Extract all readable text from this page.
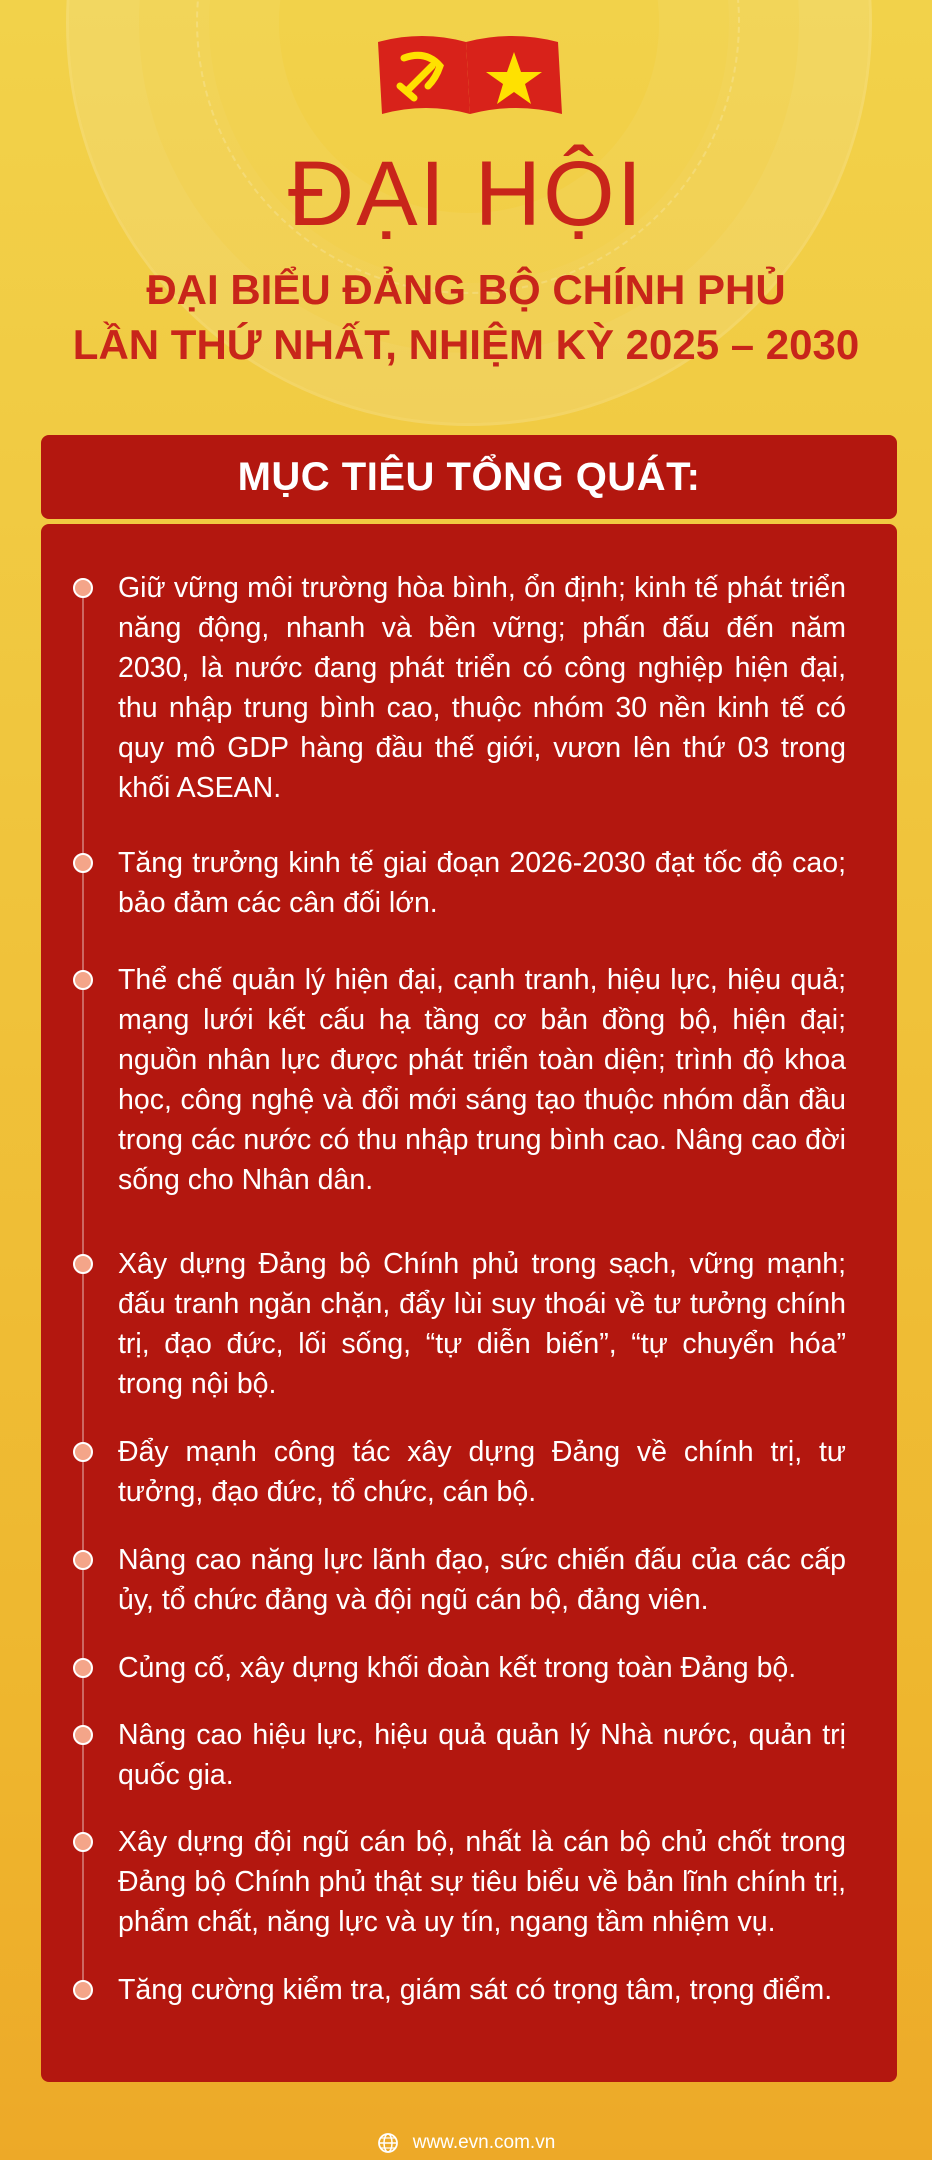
ĐẠI HỘI
ĐẠI BIỂU ĐẢNG BỘ CHÍNH PHỦ
LẦN THỨ NHẤT, NHIỆM KỲ 2025 – 2030
MỤC TIÊU TỔNG QUÁT:

Giữ vững môi trường hòa bình, ổn định; kinh tế phát triển năng động, nhanh và bền vững; phấn đấu đến năm 2030, là nước đang phát triển có công nghiệp hiện đại, thu nhập trung bình cao, thuộc nhóm 30 nền kinh tế có quy mô GDP hàng đầu thế giới, vươn lên thứ 03 trong khối ASEAN.

Tăng trưởng kinh tế giai đoạn 2026-2030 đạt tốc độ cao; bảo đảm các cân đối lớn.

Thể chế quản lý hiện đại, cạnh tranh, hiệu lực, hiệu quả; mạng lưới kết cấu hạ tầng cơ bản đồng bộ, hiện đại; nguồn nhân lực được phát triển toàn diện; trình độ khoa học, công nghệ và đổi mới sáng tạo thuộc nhóm dẫn đầu trong các nước có thu nhập trung bình cao. Nâng cao đời sống cho Nhân dân.

Xây dựng Đảng bộ Chính phủ trong sạch, vững mạnh; đấu tranh ngăn chặn, đẩy lùi suy thoái về tư tưởng chính trị, đạo đức, lối sống, “tự diễn biến”, “tự chuyển hóa” trong nội bộ.

Đẩy mạnh công tác xây dựng Đảng về chính trị, tư tưởng, đạo đức, tổ chức, cán bộ.

Nâng cao năng lực lãnh đạo, sức chiến đấu của các cấp ủy, tổ chức đảng và đội ngũ cán bộ, đảng viên.

Củng cố, xây dựng khối đoàn kết trong toàn Đảng bộ.

Nâng cao hiệu lực, hiệu quả quản lý Nhà nước, quản trị quốc gia.

Xây dựng đội ngũ cán bộ, nhất là cán bộ chủ chốt trong Đảng bộ Chính phủ thật sự tiêu biểu về bản lĩnh chính trị, phẩm chất, năng lực và uy tín, ngang tầm nhiệm vụ.

Tăng cường kiểm tra, giám sát có trọng tâm, trọng điểm.

www.evn.com.vn
